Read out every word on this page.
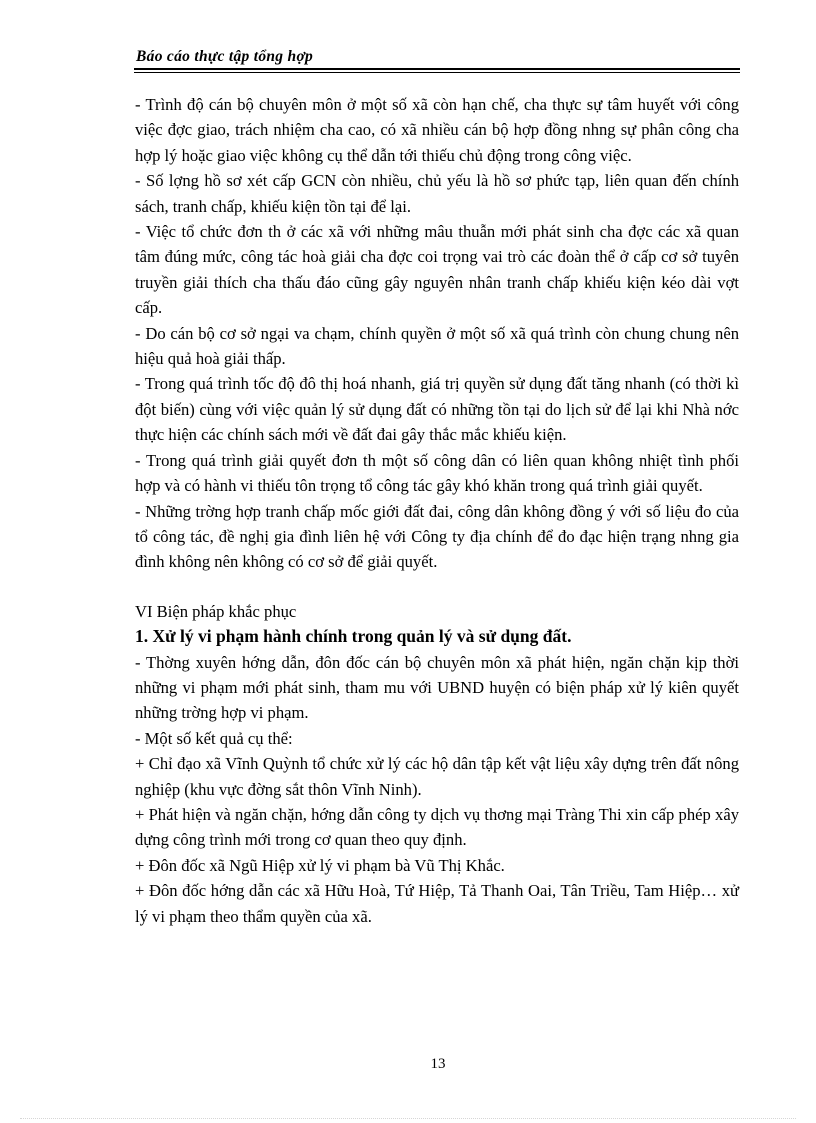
Báo cáo thực tập tổng hợp

- Trình độ cán bộ chuyên môn ở một số xã còn hạn chế, cha thực sự tâm huyết với công việc đợc giao, trách nhiệm cha cao, có xã nhiều cán bộ hợp đồng nhng sự phân công cha hợp lý hoặc giao việc không cụ thể dẫn tới thiếu chủ động trong công việc.

- Số lợng hồ sơ xét cấp GCN còn nhiều, chủ yếu là hồ sơ phức tạp, liên quan đến chính sách, tranh chấp, khiếu kiện tồn tại để lại.

- Việc tổ chức đơn th ở các xã với những mâu thuẫn mới phát sinh cha đợc các xã quan tâm đúng mức, công tác hoà giải cha đợc coi trọng vai trò các đoàn thể ở cấp cơ sở tuyên truyền giải thích cha thấu đáo cũng gây nguyên nhân tranh chấp khiếu kiện kéo dài vợt cấp.

- Do cán bộ cơ sở ngại va chạm, chính quyền ở một số xã quá trình còn chung chung nên hiệu quả hoà giải thấp.

- Trong quá trình tốc độ đô thị hoá nhanh, giá trị quyền sử dụng đất tăng nhanh (có thời kì đột biến) cùng với việc quản lý sử dụng đất có những tồn tại do lịch sử để lại khi Nhà nớc thực hiện các chính sách mới về đất đai gây thắc mắc khiếu kiện.

- Trong quá trình giải quyết đơn th một số công dân có liên quan không nhiệt tình phối hợp và có hành vi thiếu tôn trọng tổ công tác gây khó khăn trong quá trình giải quyết.

- Những trờng hợp tranh chấp mốc giới đất đai, công dân không đồng ý với số liệu đo của tổ công tác, đề nghị gia đình liên hệ với Công ty địa chính để đo đạc hiện trạng nhng gia đình không nên không có cơ sở để giải quyết.

VI Biện pháp khắc phục

1. Xử lý vi phạm hành chính trong quản lý và sử dụng đất.

- Thờng xuyên hớng dẫn, đôn đốc cán bộ chuyên môn xã phát hiện, ngăn chặn kịp thời những vi phạm mới phát sinh, tham mu với UBND huyện có biện pháp xử lý kiên quyết những trờng hợp vi phạm.

- Một số kết quả cụ thể:

+ Chỉ đạo xã Vĩnh Quỳnh tổ chức xử lý các hộ dân tập kết vật liệu xây dựng trên đất nông nghiệp (khu vực đờng sắt thôn Vĩnh Ninh).

+ Phát hiện và ngăn chặn, hớng dẫn công ty dịch vụ thơng mại Tràng Thi xin cấp phép xây dựng công trình mới trong cơ quan theo quy định.

+ Đôn đốc xã Ngũ Hiệp xử lý vi phạm bà Vũ Thị Khắc.

+ Đôn đốc hớng dẫn các xã Hữu Hoà, Tứ Hiệp, Tả Thanh Oai, Tân Triều, Tam Hiệp… xử lý vi phạm theo thẩm quyền của xã.

13
